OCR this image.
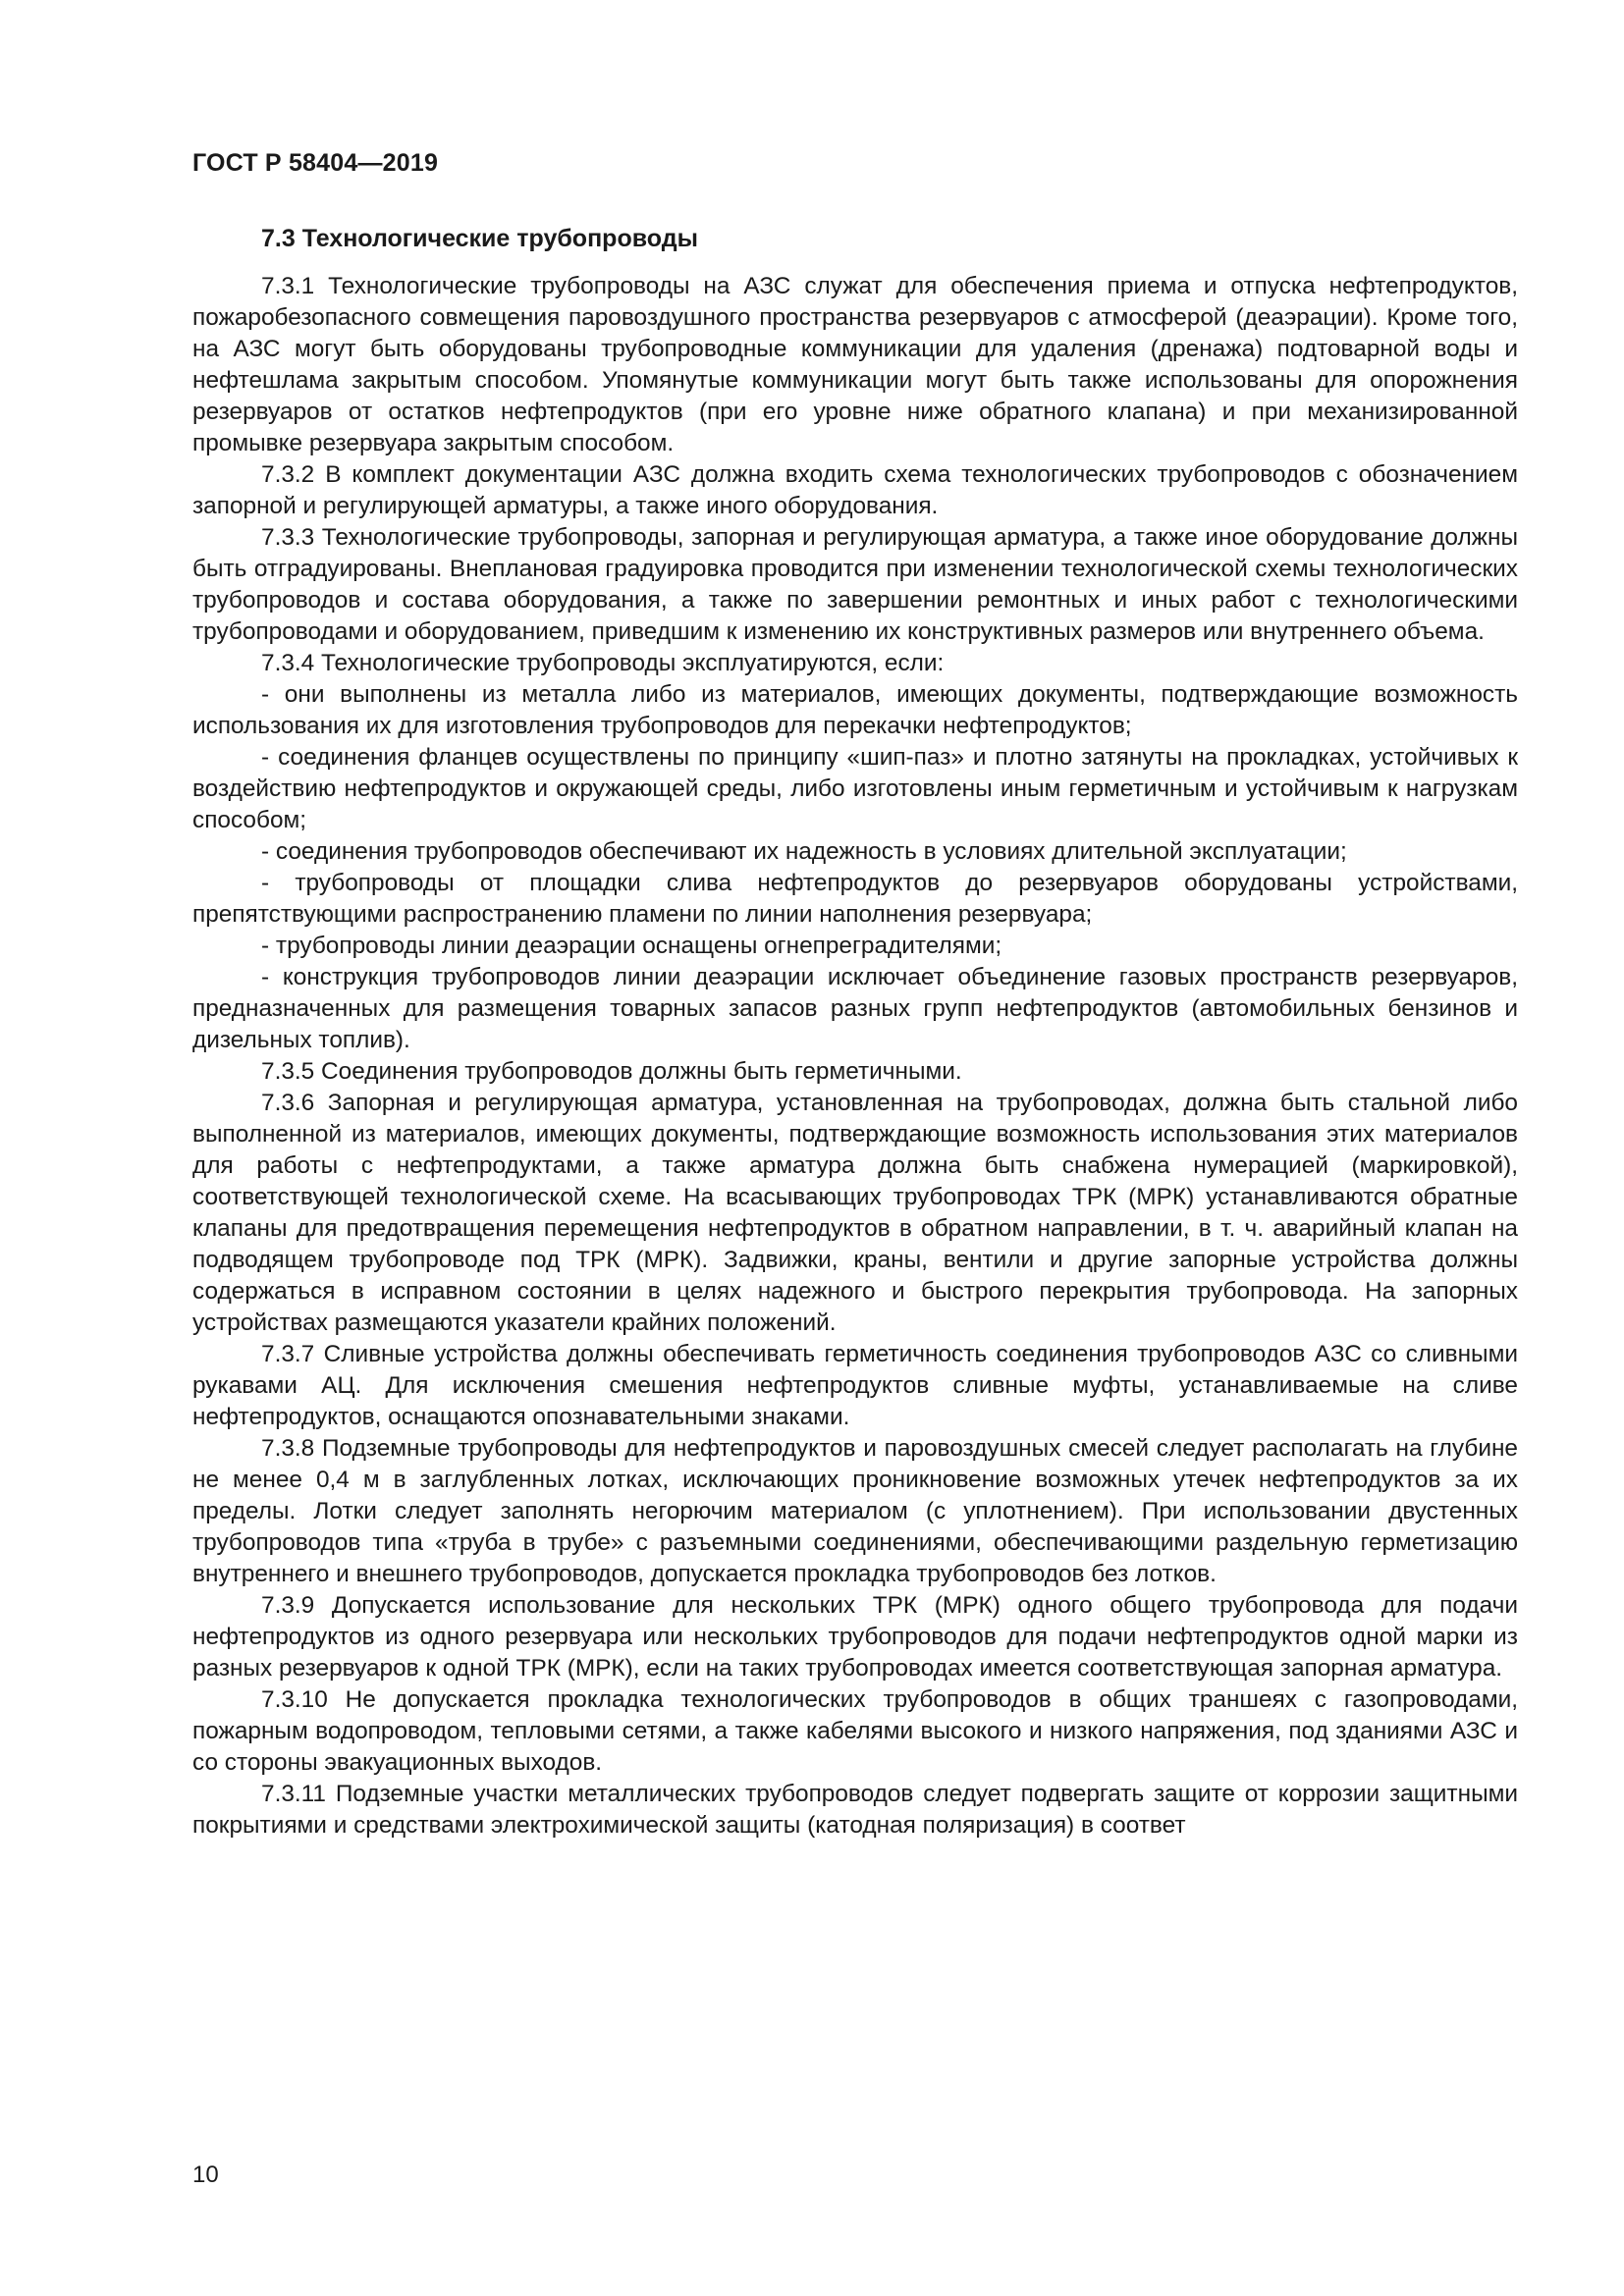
ГОСТ Р 58404—2019
7.3 Технологические трубопроводы

7.3.1 Технологические трубопроводы на АЗС служат для обеспечения приема и отпуска нефтепродуктов, пожаробезопасного совмещения паровоздушного пространства резервуаров с атмосферой (деаэрации). Кроме того, на АЗС могут быть оборудованы трубопроводные коммуникации для удаления (дренажа) подтоварной воды и нефтешлама закрытым способом. Упомянутые коммуникации могут быть также использованы для опорожнения резервуаров от остатков нефтепродуктов (при его уровне ниже обратного клапана) и при механизированной промывке резервуара закрытым способом.

7.3.2 В комплект документации АЗС должна входить схема технологических трубопроводов с обозначением запорной и регулирующей арматуры, а также иного оборудования.

7.3.3 Технологические трубопроводы, запорная и регулирующая арматура, а также иное оборудование должны быть отградуированы. Внеплановая градуировка проводится при изменении технологической схемы технологических трубопроводов и состава оборудования, а также по завершении ремонтных и иных работ с технологическими трубопроводами и оборудованием, приведшим к изменению их конструктивных размеров или внутреннего объема.

7.3.4 Технологические трубопроводы эксплуатируются, если:

- они выполнены из металла либо из материалов, имеющих документы, подтверждающие возможность использования их для изготовления трубопроводов для перекачки нефтепродуктов;

- соединения фланцев осуществлены по принципу «шип-паз» и плотно затянуты на прокладках, устойчивых к воздействию нефтепродуктов и окружающей среды, либо изготовлены иным герметичным и устойчивым к нагрузкам способом;

- соединения трубопроводов обеспечивают их надежность в условиях длительной эксплуатации;

- трубопроводы от площадки слива нефтепродуктов до резервуаров оборудованы устройствами, препятствующими распространению пламени по линии наполнения резервуара;

- трубопроводы линии деаэрации оснащены огнепреградителями;

- конструкция трубопроводов линии деаэрации исключает объединение газовых пространств резервуаров, предназначенных для размещения товарных запасов разных групп нефтепродуктов (автомобильных бензинов и дизельных топлив).

7.3.5 Соединения трубопроводов должны быть герметичными.

7.3.6 Запорная и регулирующая арматура, установленная на трубопроводах, должна быть стальной либо выполненной из материалов, имеющих документы, подтверждающие возможность использования этих материалов для работы с нефтепродуктами, а также арматура должна быть снабжена нумерацией (маркировкой), соответствующей технологической схеме. На всасывающих трубопроводах ТРК (МРК) устанавливаются обратные клапаны для предотвращения перемещения нефтепродуктов в обратном направлении, в т. ч. аварийный клапан на подводящем трубопроводе под ТРК (МРК). Задвижки, краны, вентили и другие запорные устройства должны содержаться в исправном состоянии в целях надежного и быстрого перекрытия трубопровода. На запорных устройствах размещаются указатели крайних положений.

7.3.7 Сливные устройства должны обеспечивать герметичность соединения трубопроводов АЗС со сливными рукавами АЦ. Для исключения смешения нефтепродуктов сливные муфты, устанавливаемые на сливе нефтепродуктов, оснащаются опознавательными знаками.

7.3.8 Подземные трубопроводы для нефтепродуктов и паровоздушных смесей следует располагать на глубине не менее 0,4 м в заглубленных лотках, исключающих проникновение возможных утечек нефтепродуктов за их пределы. Лотки следует заполнять негорючим материалом (с уплотнением). При использовании двустенных трубопроводов типа «труба в трубе» с разъемными соединениями, обеспечивающими раздельную герметизацию внутреннего и внешнего трубопроводов, допускается прокладка трубопроводов без лотков.

7.3.9 Допускается использование для нескольких ТРК (МРК) одного общего трубопровода для подачи нефтепродуктов из одного резервуара или нескольких трубопроводов для подачи нефтепродуктов одной марки из разных резервуаров к одной ТРК (МРК), если на таких трубопроводах имеется соответствующая запорная арматура.

7.3.10 Не допускается прокладка технологических трубопроводов в общих траншеях с газопроводами, пожарным водопроводом, тепловыми сетями, а также кабелями высокого и низкого напряжения, под зданиями АЗС и со стороны эвакуационных выходов.

7.3.11 Подземные участки металлических трубопроводов следует подвергать защите от коррозии защитными покрытиями и средствами электрохимической защиты (катодная поляризация) в соответ

10
